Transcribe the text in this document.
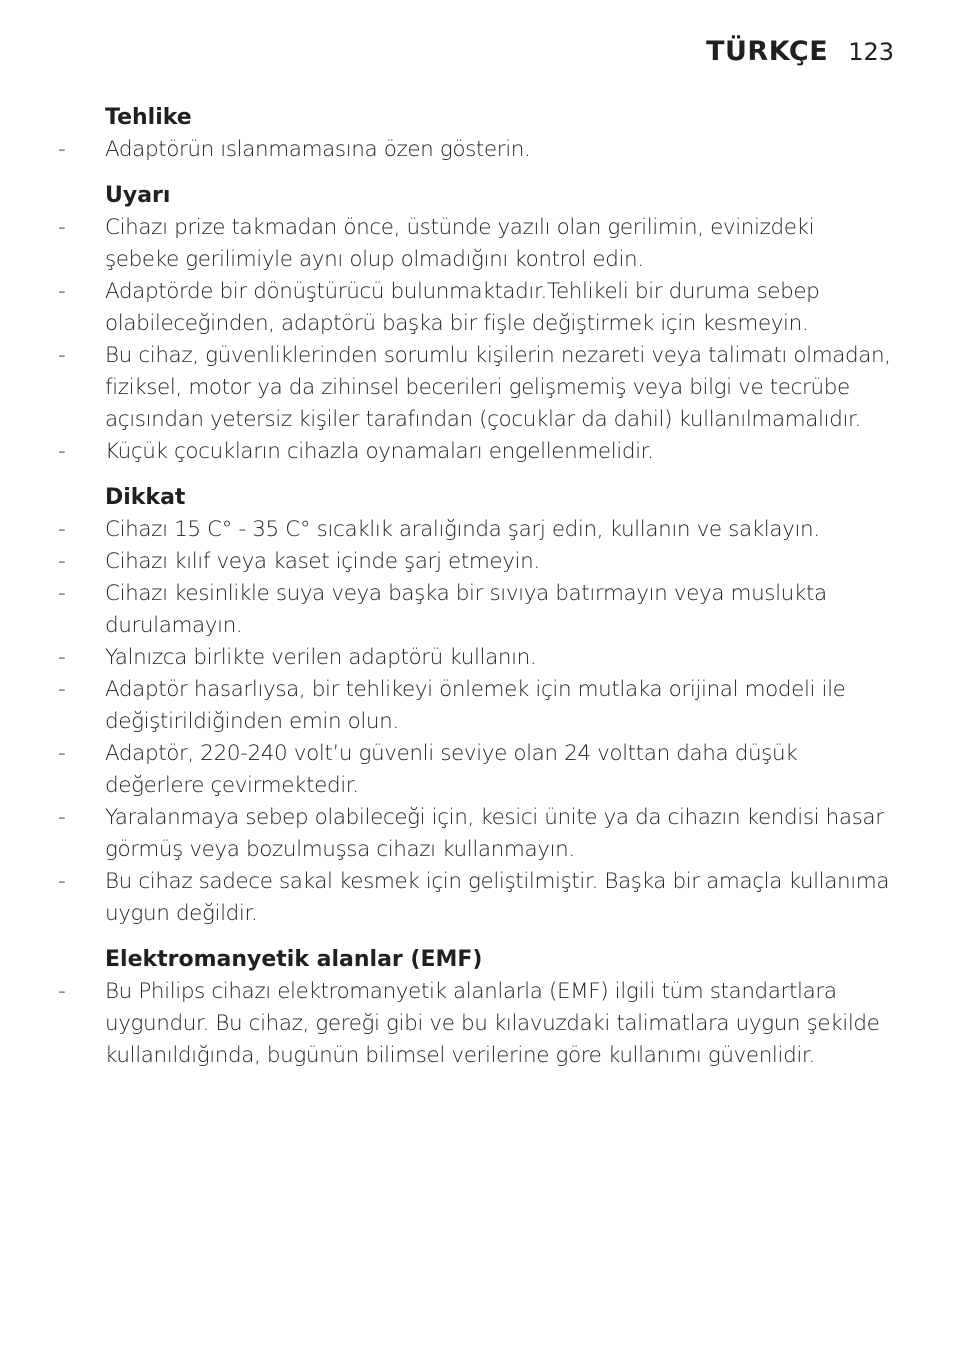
TÜRKÇE 123
Tehlike
-	Adaptörün ıslanmamasına özen gösterin.
Uyarı
-	Cihazı prize takmadan önce, üstünde yazılı olan gerilimin, evinizdeki şebeke gerilimiyle aynı olup olmadığını kontrol edin.
-	Adaptörde bir dönüştürücü bulunmaktadır.Tehlikeli bir duruma sebep olabileceğinden, adaptörü başka bir fişle değiştirmek için kesmeyin.
-	Bu cihaz, güvenliklerinden sorumlu kişilerin nezareti veya talimatı olmadan, fiziksel, motor ya da zihinsel becerileri gelişmemiş veya bilgi ve tecrübe açısından yetersiz kişiler tarafından (çocuklar da dahil) kullanılmamalıdır.
-	Küçük çocukların cihazla oynamaları engellenmelidir.
Dikkat
-	Cihazı 15 C° - 35 C° sıcaklık aralığında şarj edin, kullanın ve saklayın.
-	Cihazı kılıf veya kaset içinde şarj etmeyin.
-	Cihazı kesinlikle suya veya başka bir sıvıya batırmayın veya muslukta durulamayın.
-	Yalnızca birlikte verilen adaptörü kullanın.
-	Adaptör hasarlıysa, bir tehlikeyi önlemek için mutlaka orijinal modeli ile değiştirildiğinden emin olun.
-	Adaptör, 220-240 volt’u güvenli seviye olan 24 volttan daha düşük değerlere çevirmektedir.
-	Yaralanmaya sebep olabileceği için, kesici ünite ya da cihazın kendisi hasar görmüş veya bozulmuşsa cihazı kullanmayın.
-	Bu cihaz sadece sakal kesmek için geliştilmiştir. Başka bir amaçla kullanıma uygun değildir.
Elektromanyetik alanlar (EMF)
-	Bu Philips cihazı elektromanyetik alanlarla (EMF) ilgili tüm standartlara uygundur. Bu cihaz, gereği gibi ve bu kılavuzdaki talimatlara uygun şekilde kullanıldığında, bugünün bilimsel verilerine göre kullanımı güvenlidir.
